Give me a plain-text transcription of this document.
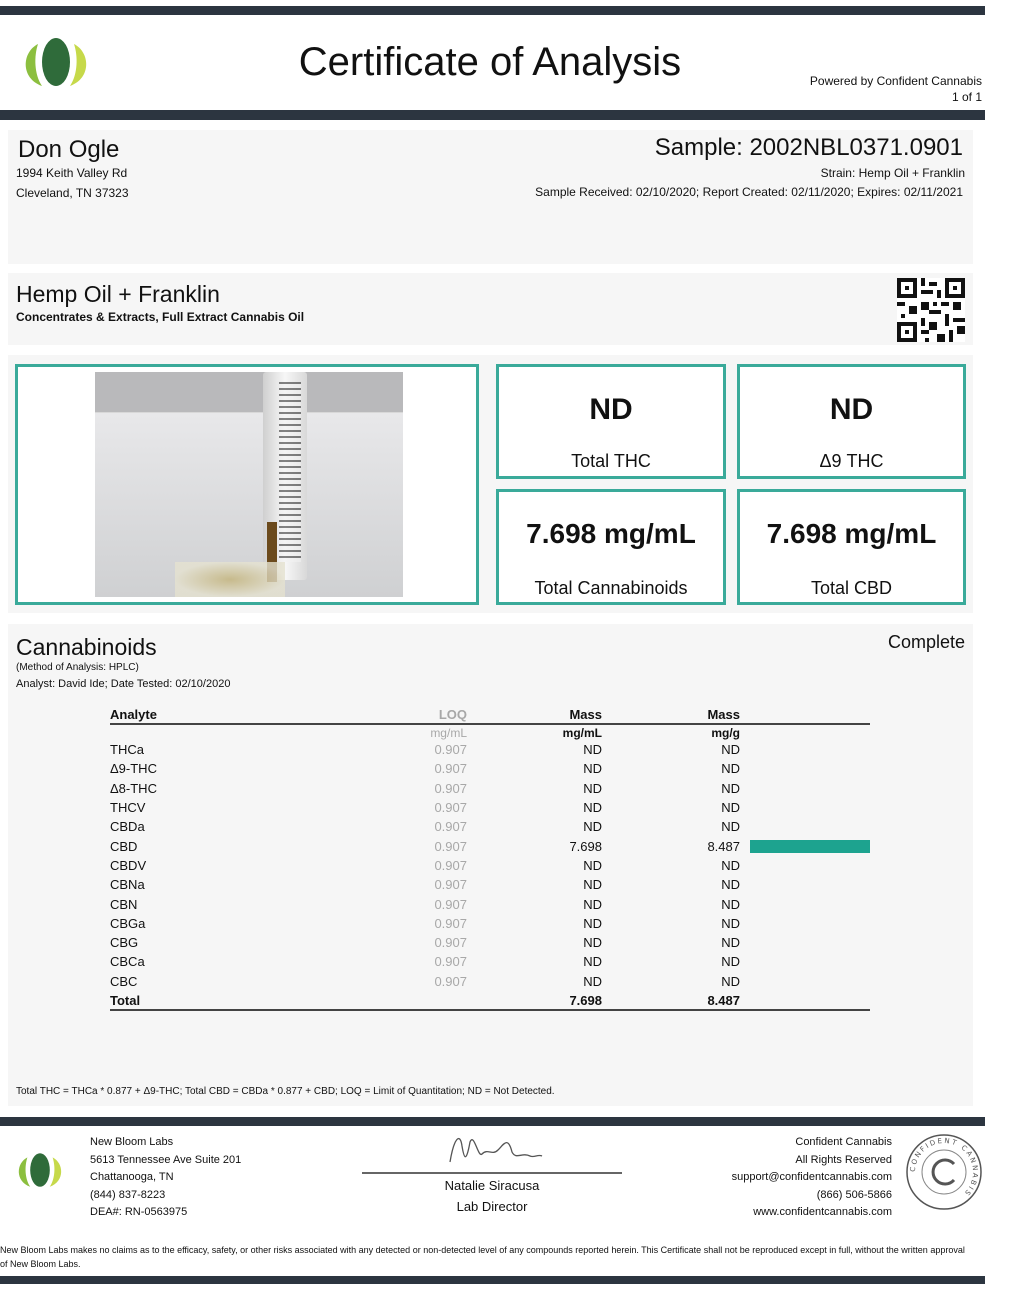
Certificate of Analysis	Powered by Confident Cannabis
1 of 1
Don Ogle
1994 Keith Valley Rd
Cleveland, TN 37323
Sample: 2002NBL0371.0901
Strain: Hemp Oil + Franklin
Sample Received: 02/10/2020; Report Created: 02/11/2020; Expires: 02/11/2021
Hemp Oil + Franklin
Concentrates & Extracts, Full Extract Cannabis Oil
ND
Total THC
ND
Δ9 THC
7.698 mg/mL
Total Cannabinoids
7.698 mg/mL
Total CBD
Cannabinoids
(Method of Analysis: HPLC)
Analyst: David Ide; Date Tested: 02/10/2020
Complete
Total THC = THCa * 0.877 + Δ9-THC; Total CBD = CBDa * 0.877 + CBD; LOQ = Limit of Quantitation; ND = Not Detected.
Analyte	LOQ	Mass	Mass	
	mg/mL	mg/mL	mg/g	
THCa	0.907	ND	ND	
Δ9-THC	0.907	ND	ND	
Δ8-THC	0.907	ND	ND	
THCV	0.907	ND	ND	
CBDa	0.907	ND	ND	
CBD	0.907	7.698	8.487	

CBDV	0.907	ND	ND	
CBNa	0.907	ND	ND	
CBN	0.907	ND	ND	
CBGa	0.907	ND	ND	
CBG	0.907	ND	ND	
CBCa	0.907	ND	ND	
CBC	0.907	ND	ND	
Total		7.698	8.487	
New Bloom Labs
5613 Tennessee Ave Suite 201
Chattanooga, TN
(844) 837-8223
DEA#: RN-0563975
Natalie Siracusa
Lab Director
Confident Cannabis
All Rights Reserved
support@confidentcannabis.com
(866) 506-5866
www.confidentcannabis.com
CONFIDENT CANNABIS
New Bloom Labs makes no claims as to the efficacy, safety, or other risks associated with any detected or non-detected level of any compounds reported herein. This Certificate shall not be reproduced except in full, without the written approval of New Bloom Labs.
